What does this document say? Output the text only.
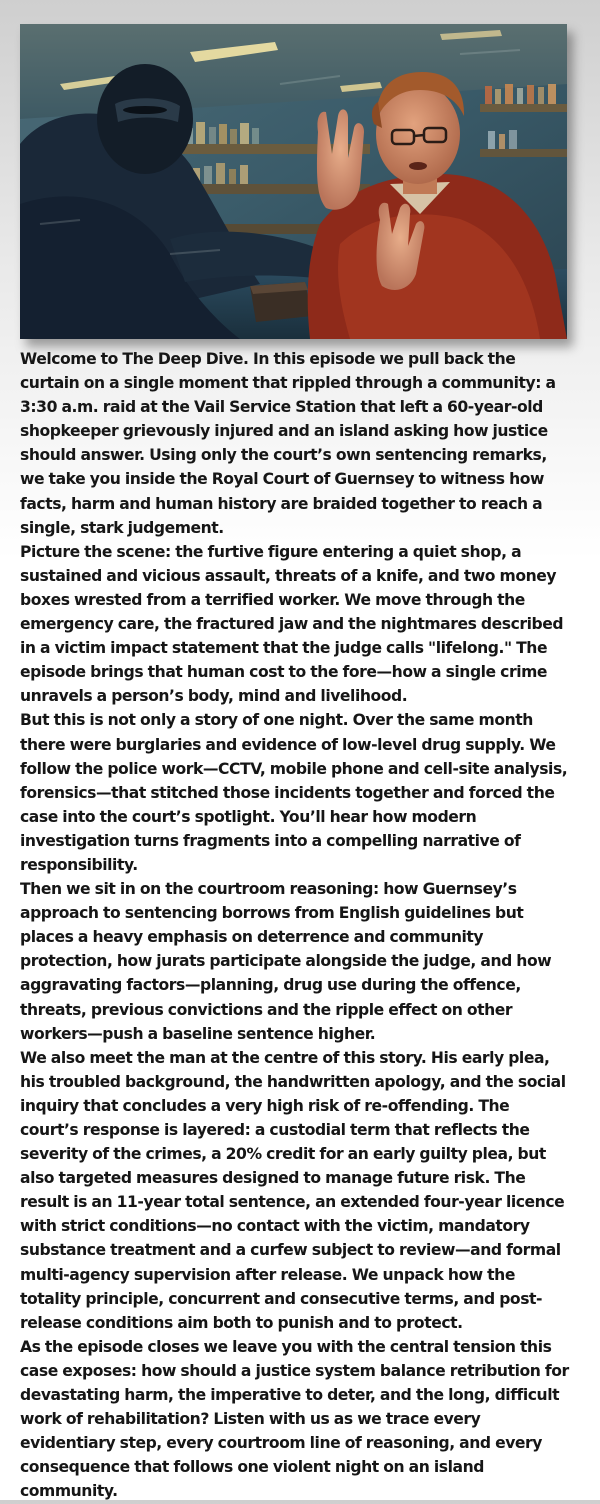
Welcome to The Deep Dive. In this episode we pull back the curtain on a single moment that rippled through a community: a 3:30 a.m. raid at the Vail Service Station that left a 60-year-old shopkeeper grievously injured and an island asking how justice should answer. Using only the court’s own sentencing remarks, we take you inside the Royal Court of Guernsey to witness how facts, harm and human history are braided together to reach a single, stark judgement.

Picture the scene: the furtive figure entering a quiet shop, a sustained and vicious assault, threats of a knife, and two money boxes wrested from a terrified worker. We move through the emergency care, the fractured jaw and the nightmares described in a victim impact statement that the judge calls "lifelong." The episode brings that human cost to the fore—how a single crime unravels a person’s body, mind and livelihood.

But this is not only a story of one night. Over the same month there were burglaries and evidence of low-level drug supply. We follow the police work—CCTV, mobile phone and cell-site analysis, forensics—that stitched those incidents together and forced the case into the court’s spotlight. You’ll hear how modern investigation turns fragments into a compelling narrative of responsibility.

Then we sit in on the courtroom reasoning: how Guernsey’s approach to sentencing borrows from English guidelines but places a heavy emphasis on deterrence and community protection, how jurats participate alongside the judge, and how aggravating factors—planning, drug use during the offence, threats, previous convictions and the ripple effect on other workers—push a baseline sentence higher.

We also meet the man at the centre of this story. His early plea, his troubled background, the handwritten apology, and the social inquiry that concludes a very high risk of re-offending. The court’s response is layered: a custodial term that reflects the severity of the crimes, a 20% credit for an early guilty plea, but also targeted measures designed to manage future risk. The result is an 11-year total sentence, an extended four-year licence with strict conditions—no contact with the victim, mandatory substance treatment and a curfew subject to review—and formal multi-agency supervision after release. We unpack how the totality principle, concurrent and consecutive terms, and post-release conditions aim both to punish and to protect.

As the episode closes we leave you with the central tension this case exposes: how should a justice system balance retribution for devastating harm, the imperative to deter, and the long, difficult work of rehabilitation? Listen with us as we trace every evidentiary step, every courtroom line of reasoning, and every consequence that follows one violent night on an island community.
